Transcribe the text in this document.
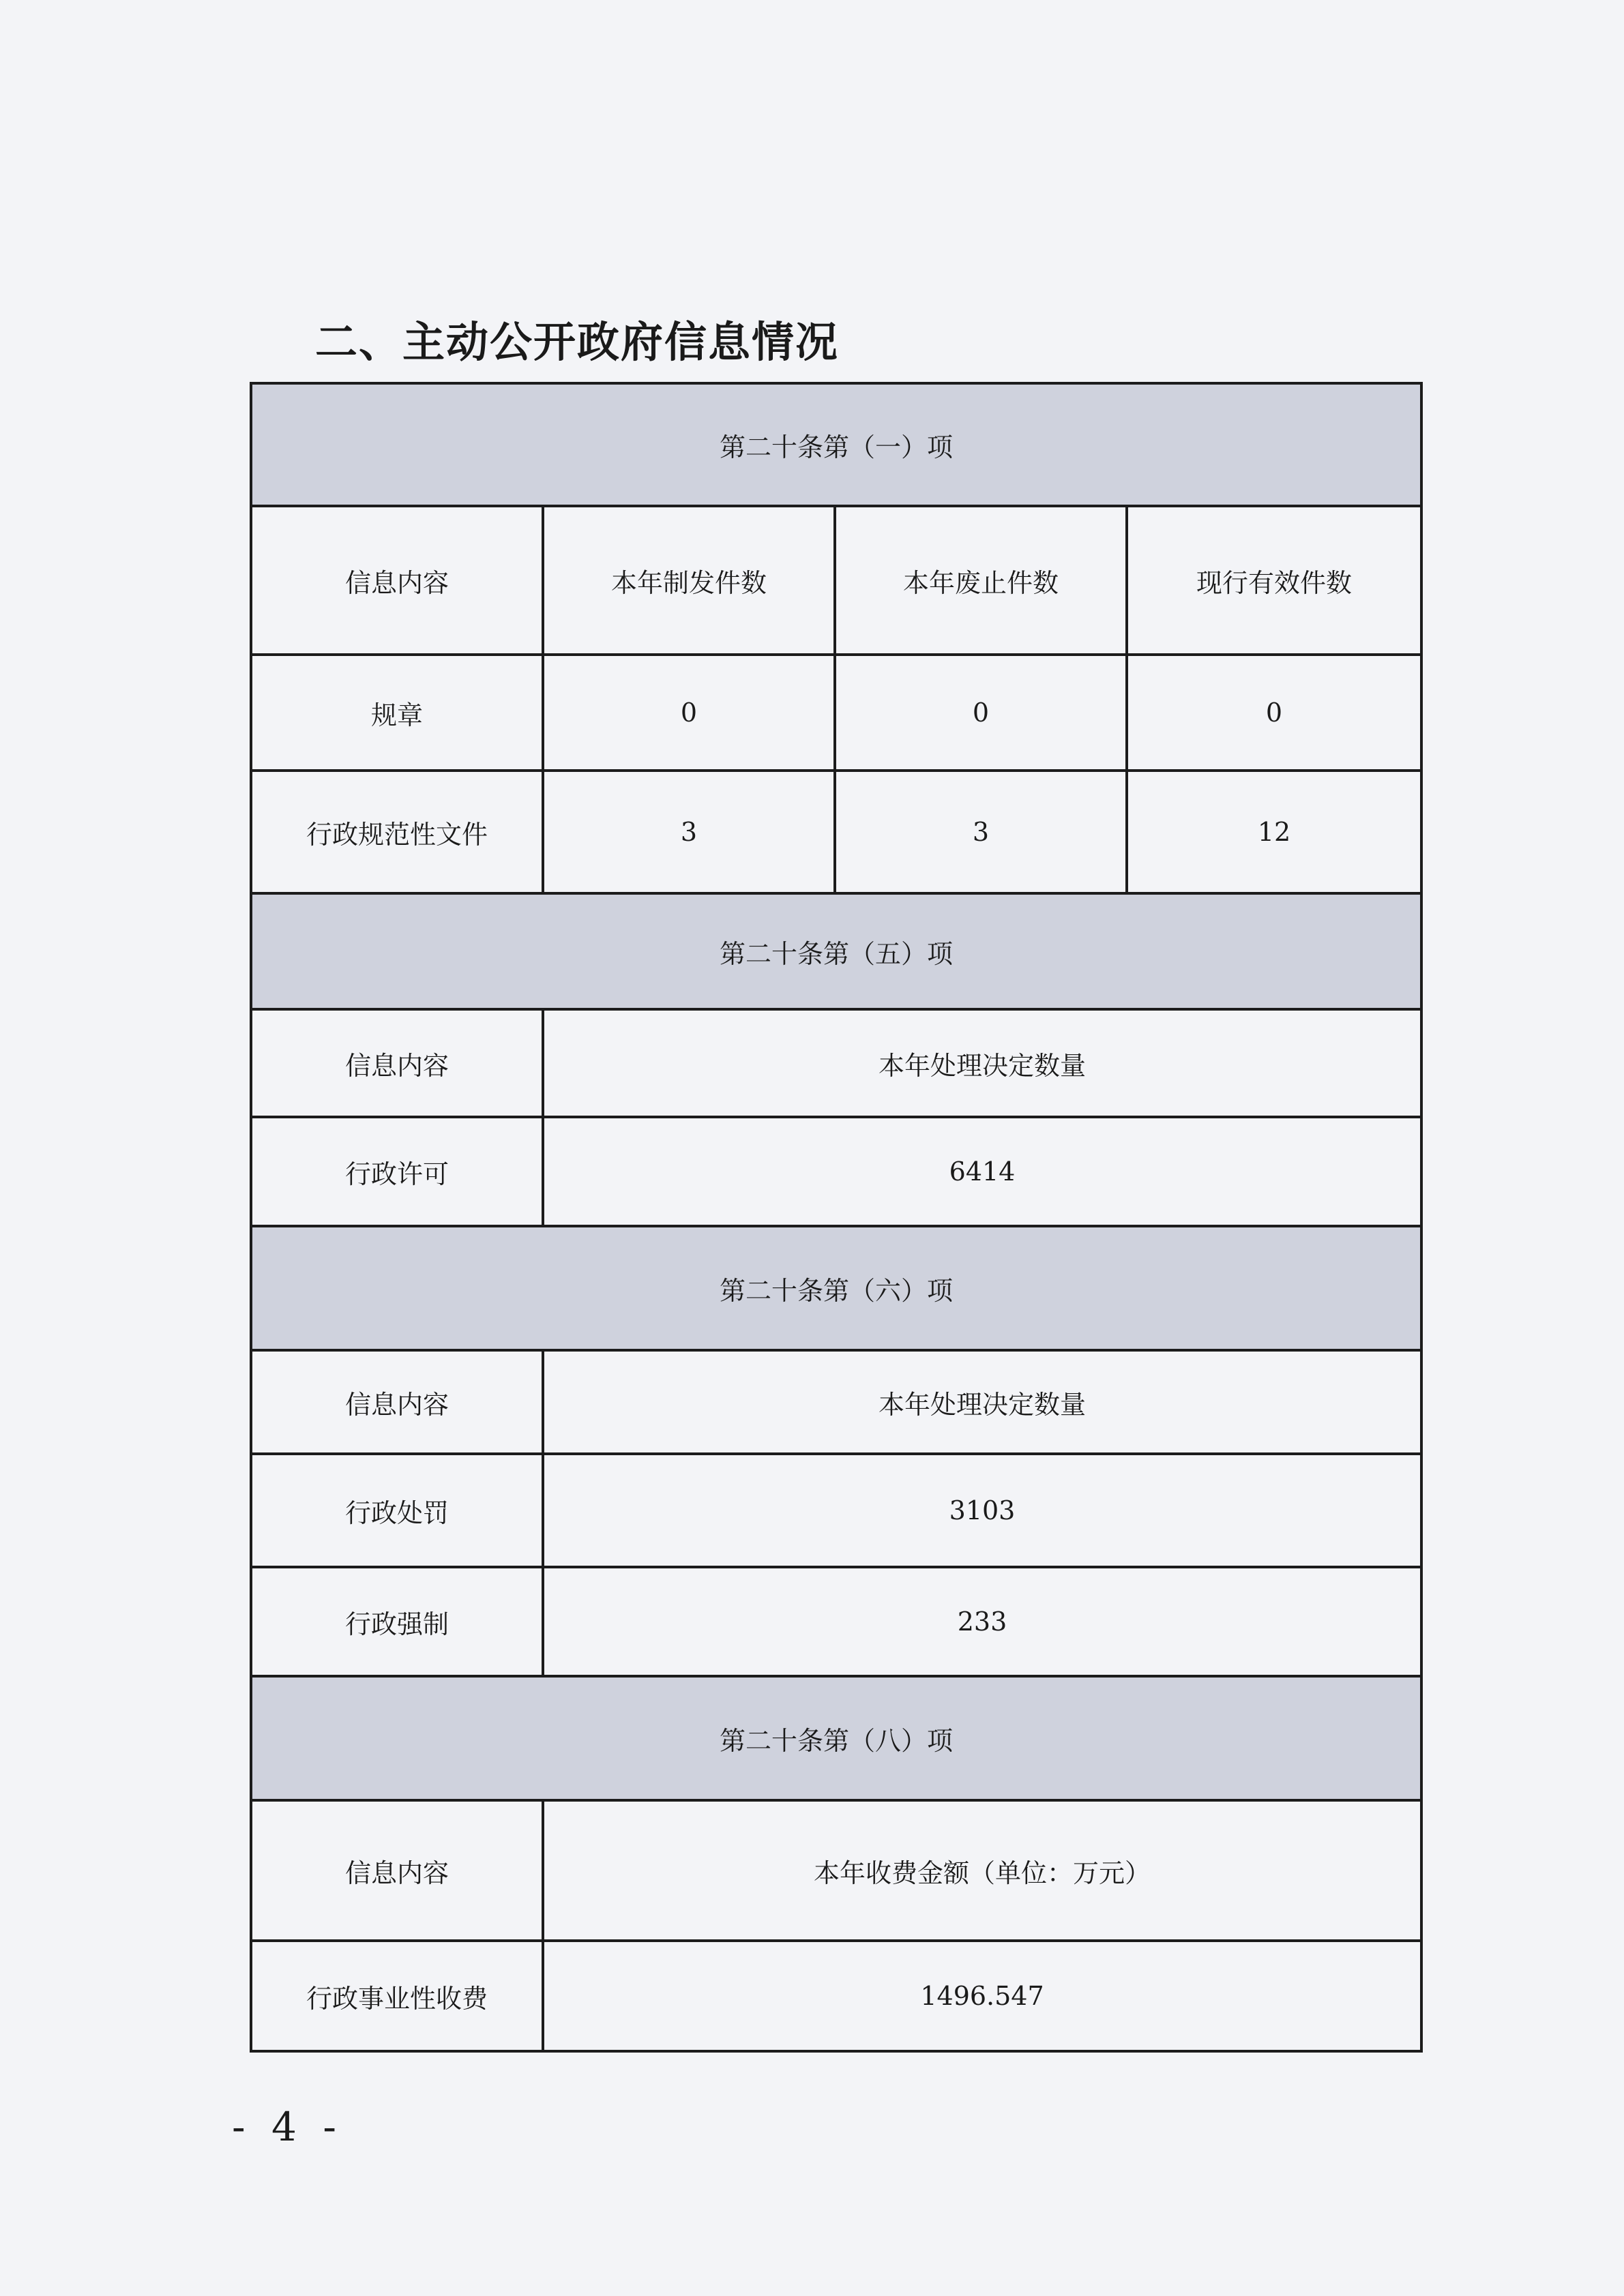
二、主动公开政府信息情况
第二十条第（一）项			
信息内容	本年制发件数	本年废止件数	现行有效件数
规章	0	0	0
行政规范性文件	3	3	12
第二十条第（五）项			
信息内容	本年处理决定数量		
行政许可	6414		
第二十条第（六）项			
信息内容	本年处理决定数量		
行政处罚	3103		
行政强制	233		
第二十条第（八）项			
信息内容	本年收费金额（单位：万元）		
行政事业性收费	1496.547		
- 4 -
